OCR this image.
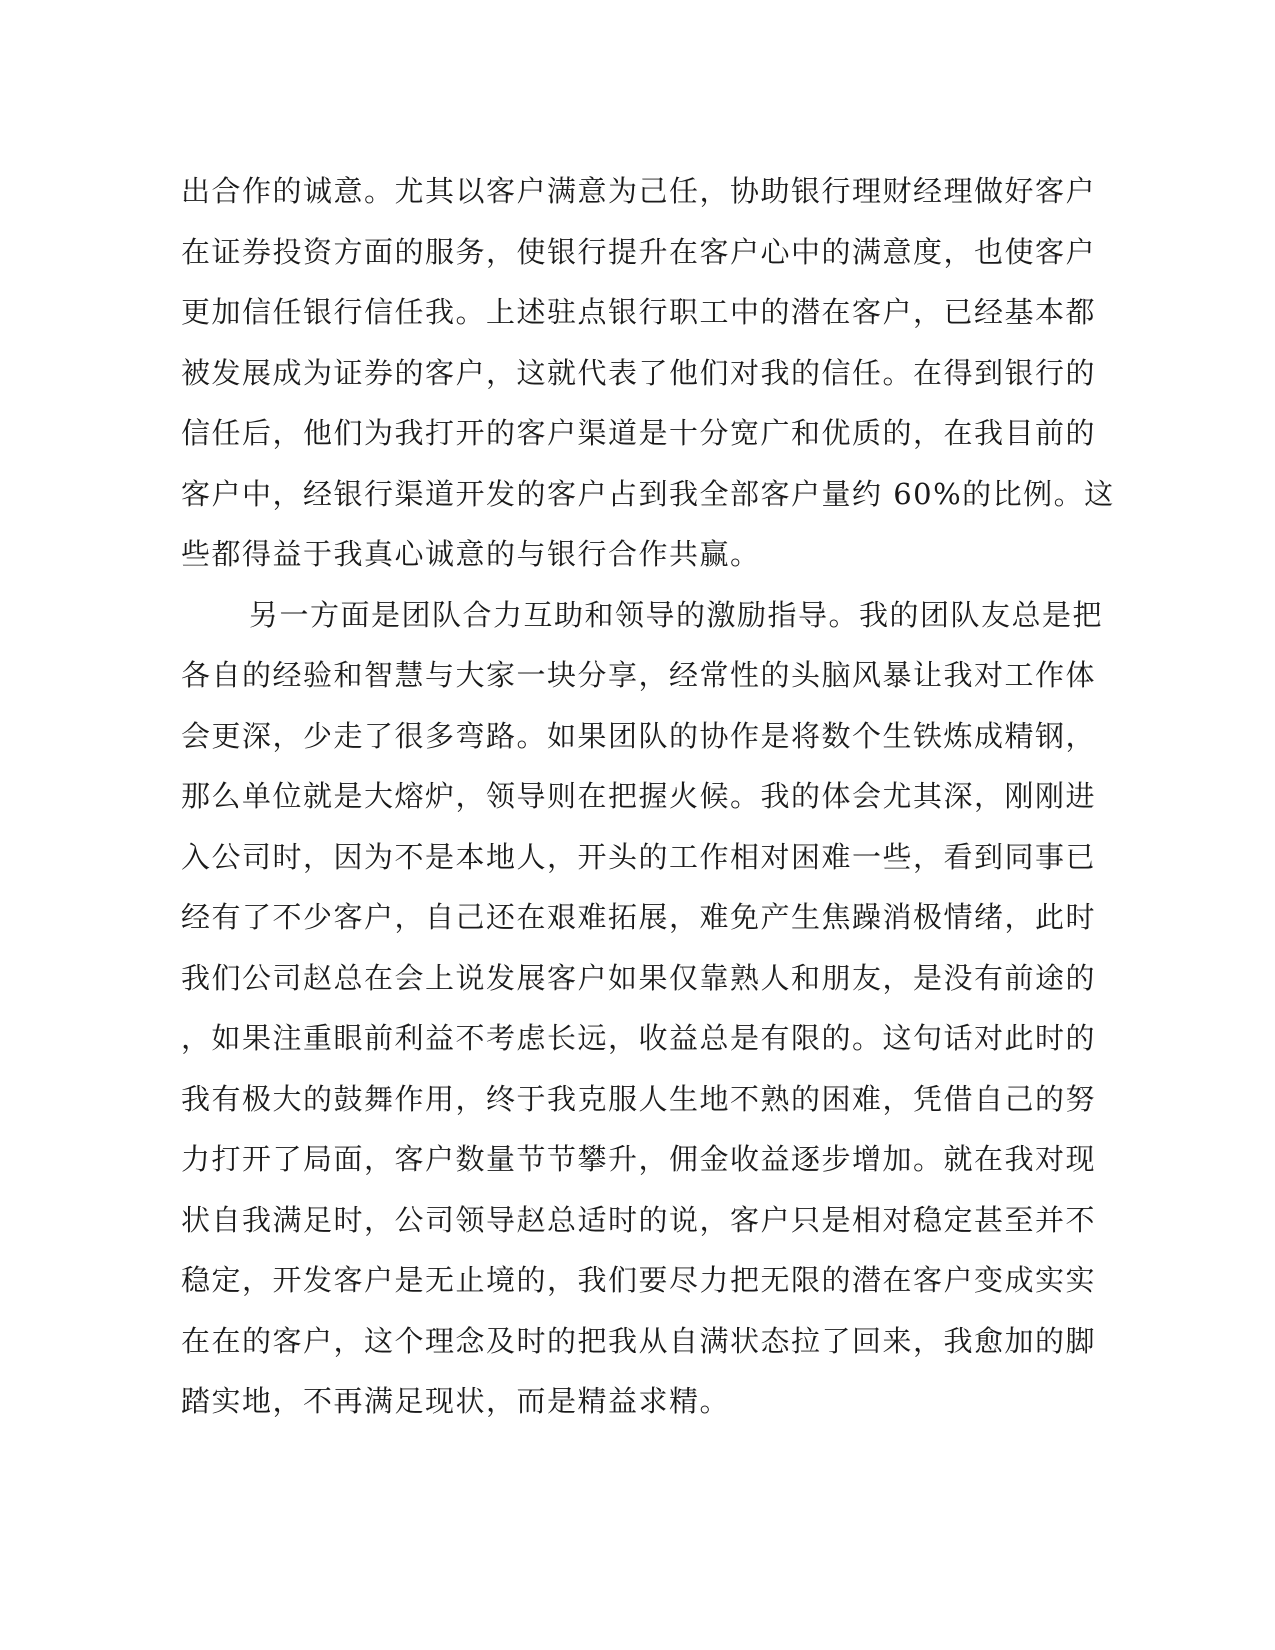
出合作的诚意。尤其以客户满意为己任，协助银行理财经理做好客户
在证券投资方面的服务，使银行提升在客户心中的满意度，也使客户
更加信任银行信任我。上述驻点银行职工中的潜在客户，已经基本都
被发展成为证券的客户，这就代表了他们对我的信任。在得到银行的
信任后，他们为我打开的客户渠道是十分宽广和优质的，在我目前的
客户中，经银行渠道开发的客户占到我全部客户量约 60%的比例。这
些都得益于我真心诚意的与银行合作共赢。
另一方面是团队合力互助和领导的激励指导。我的团队友总是把
各自的经验和智慧与大家一块分享，经常性的头脑风暴让我对工作体
会更深，少走了很多弯路。如果团队的协作是将数个生铁炼成精钢，
那么单位就是大熔炉，领导则在把握火候。我的体会尤其深，刚刚进
入公司时，因为不是本地人，开头的工作相对困难一些，看到同事已
经有了不少客户，自己还在艰难拓展，难免产生焦躁消极情绪，此时
我们公司赵总在会上说发展客户如果仅靠熟人和朋友，是没有前途的
，如果注重眼前利益不考虑长远，收益总是有限的。这句话对此时的
我有极大的鼓舞作用，终于我克服人生地不熟的困难，凭借自己的努
力打开了局面，客户数量节节攀升，佣金收益逐步增加。就在我对现
状自我满足时，公司领导赵总适时的说，客户只是相对稳定甚至并不
稳定，开发客户是无止境的，我们要尽力把无限的潜在客户变成实实
在在的客户，这个理念及时的把我从自满状态拉了回来，我愈加的脚
踏实地，不再满足现状，而是精益求精。
